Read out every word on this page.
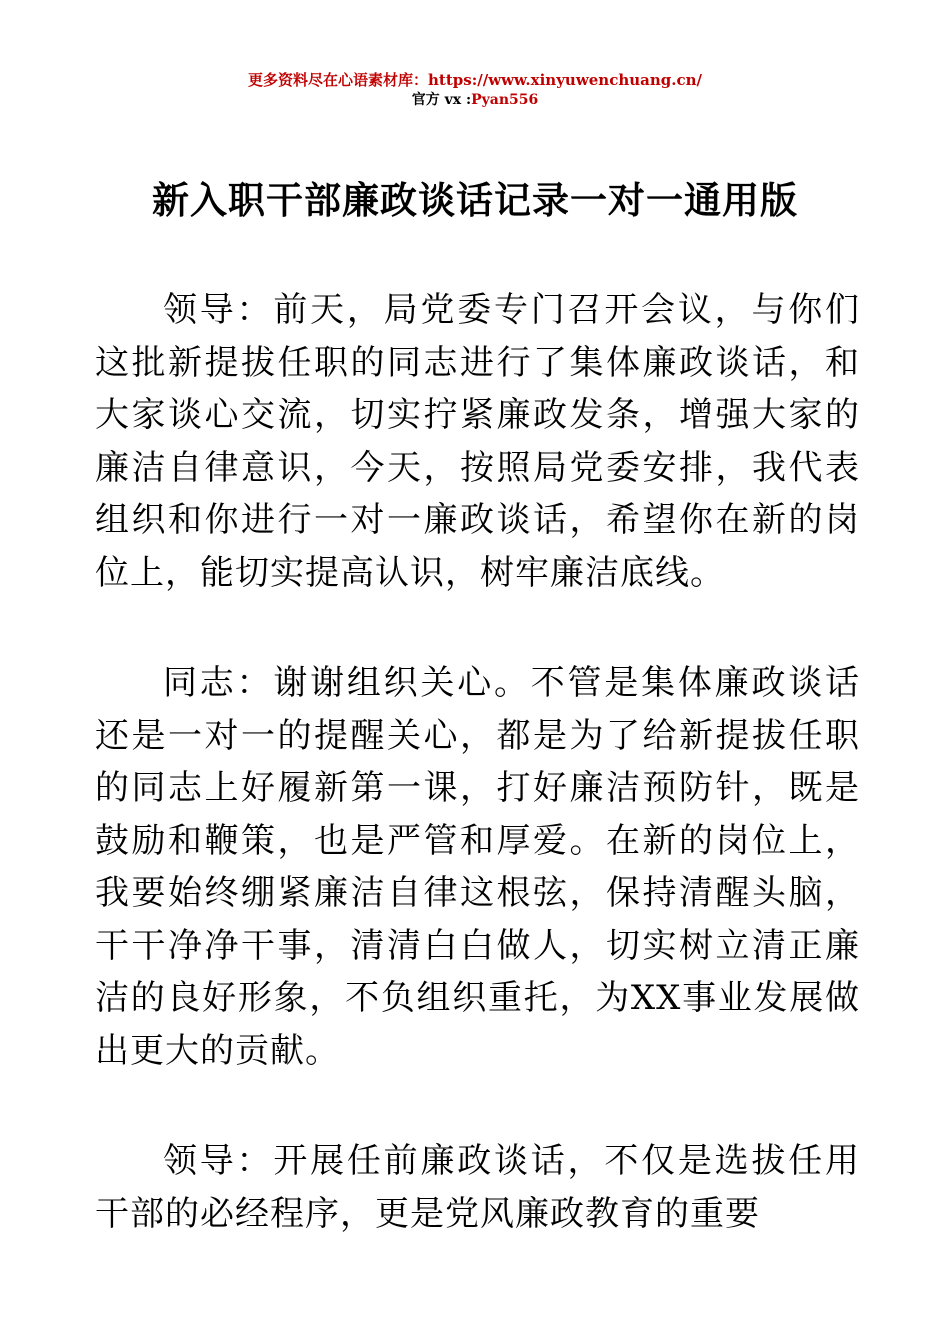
更多资料尽在心语素材库：https://www.xinyuwenchuang.cn/
官方 vx :Pyan556
新入职干部廉政谈话记录一对一通用版

领导：前天，局党委专门召开会议，与你们这批新提拔任职的同志进行了集体廉政谈话，和大家谈心交流，切实拧紧廉政发条，增强大家的廉洁自律意识，今天，按照局党委安排，我代表组织和你进行一对一廉政谈话，希望你在新的岗位上，能切实提高认识，树牢廉洁底线。

同志：谢谢组织关心。不管是集体廉政谈话还是一对一的提醒关心，都是为了给新提拔任职的同志上好履新第一课，打好廉洁预防针，既是鼓励和鞭策，也是严管和厚爱。在新的岗位上，我要始终绷紧廉洁自律这根弦，保持清醒头脑，干干净净干事，清清白白做人，切实树立清正廉洁的良好形象，不负组织重托，为XX事业发展做出更大的贡献。

领导：开展任前廉政谈话，不仅是选拔任用干部的必经程序，更是党风廉政教育的重要
